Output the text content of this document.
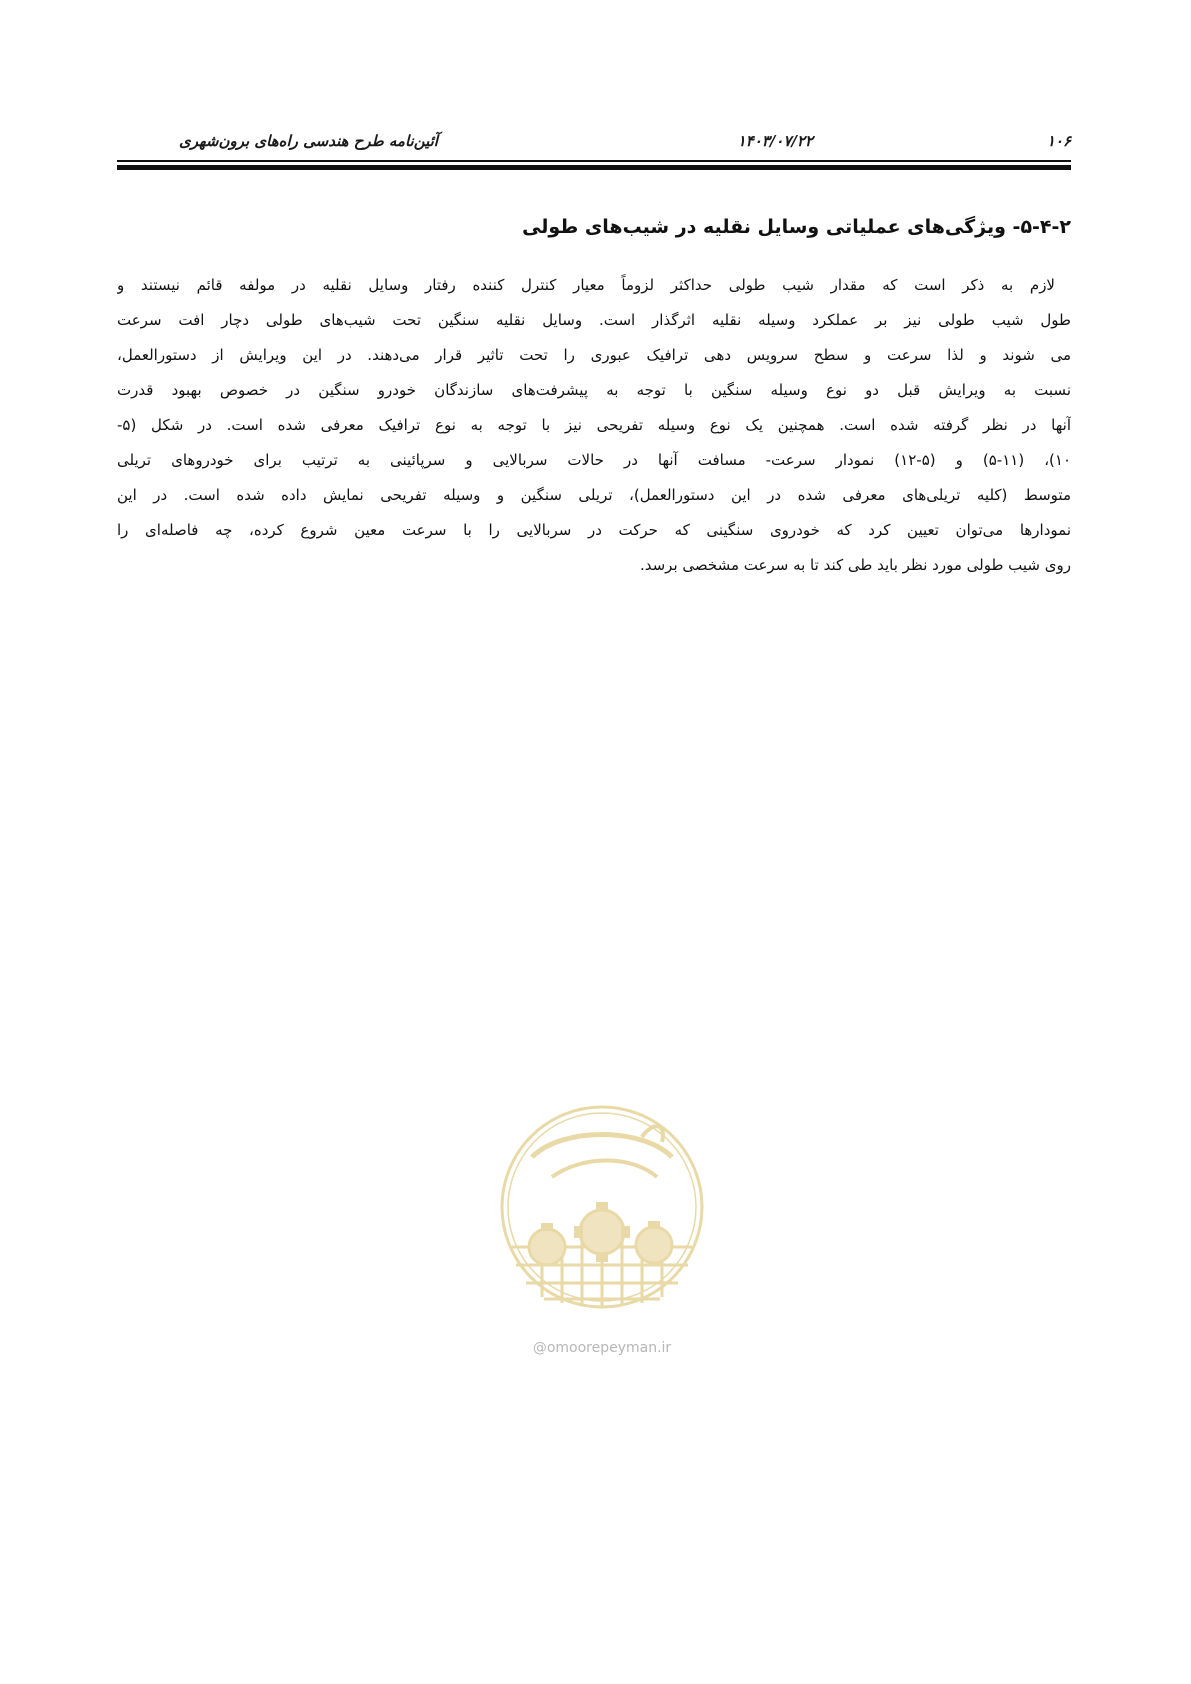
۱۰۶
۱۴۰۳/۰۷/۲۲
آئین‌نامه طرح هندسی راه‌های برون‌شهری
۵-۴-۲- ویژگی‌های عملیاتی وسایل نقلیه در شیب‌های طولی
لازم به ذکر است که مقدار شیب طولی حداکثر لزوماً معیار کنترل کننده رفتار وسایل نقلیه در مولفه قائم نیستند و
طول شیب طولی نیز بر عملکرد وسیله نقلیه اثرگذار است. وسایل نقلیه سنگین تحت شیب‌های طولی دچار افت سرعت
می شوند و لذا سرعت و سطح سرویس دهی ترافیک عبوری را تحت تاثیر قرار می‌دهند. در این ویرایش از دستورالعمل،
نسبت به ویرایش قبل دو نوع وسیله سنگین با توجه به پیشرفت‌های سازندگان خودرو سنگین در خصوص بهبود قدرت
آنها در نظر گرفته شده است. همچنین یک نوع وسیله تفریحی نیز با توجه به نوع ترافیک معرفی شده است. در شکل (۵-
۱۰)، (۵-۱۱) و (۵-۱۲) نمودار سرعت- مسافت آنها در حالات سربالایی و سرپائینی به ترتیب برای خودروهای تریلی
متوسط (کلیه تریلی‌های معرفی شده در این دستورالعمل)، تریلی سنگین و وسیله تفریحی نمایش داده شده است. در این
نمودارها می‌توان تعیین کرد که خودروی سنگینی که حرکت در سربالایی را با سرعت معین شروع کرده، چه فاصله‌ای را
روی شیب طولی مورد نظر باید طی کند تا به سرعت مشخصی برسد.
@omoorepeyman.ir
